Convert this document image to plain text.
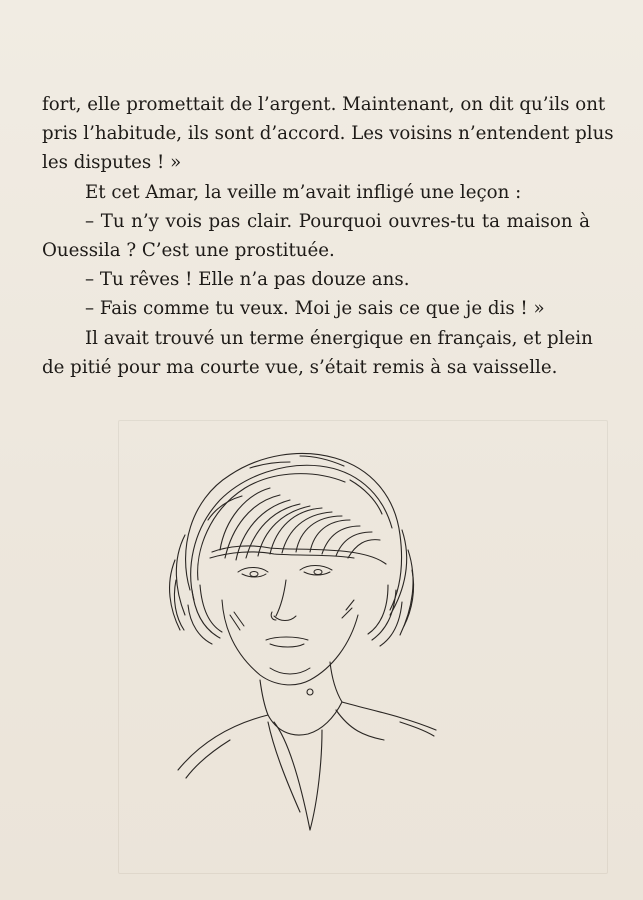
fort, elle promettait de l’argent. Maintenant, on dit qu’ils ont
pris l’habitude, ils sont d’accord. Les voisins n’entendent plus
les disputes ! »
Et cet Amar, la veille m’avait infligé une leçon :
– Tu n’y vois pas clair. Pourquoi ouvres-tu ta maison à
Ouessila ? C’est une prostituée.
– Tu rêves ! Elle n’a pas douze ans.
– Fais comme tu veux. Moi je sais ce que je dis ! »
Il avait trouvé un terme énergique en français, et plein
de pitié pour ma courte vue, s’était remis à sa vaisselle.
